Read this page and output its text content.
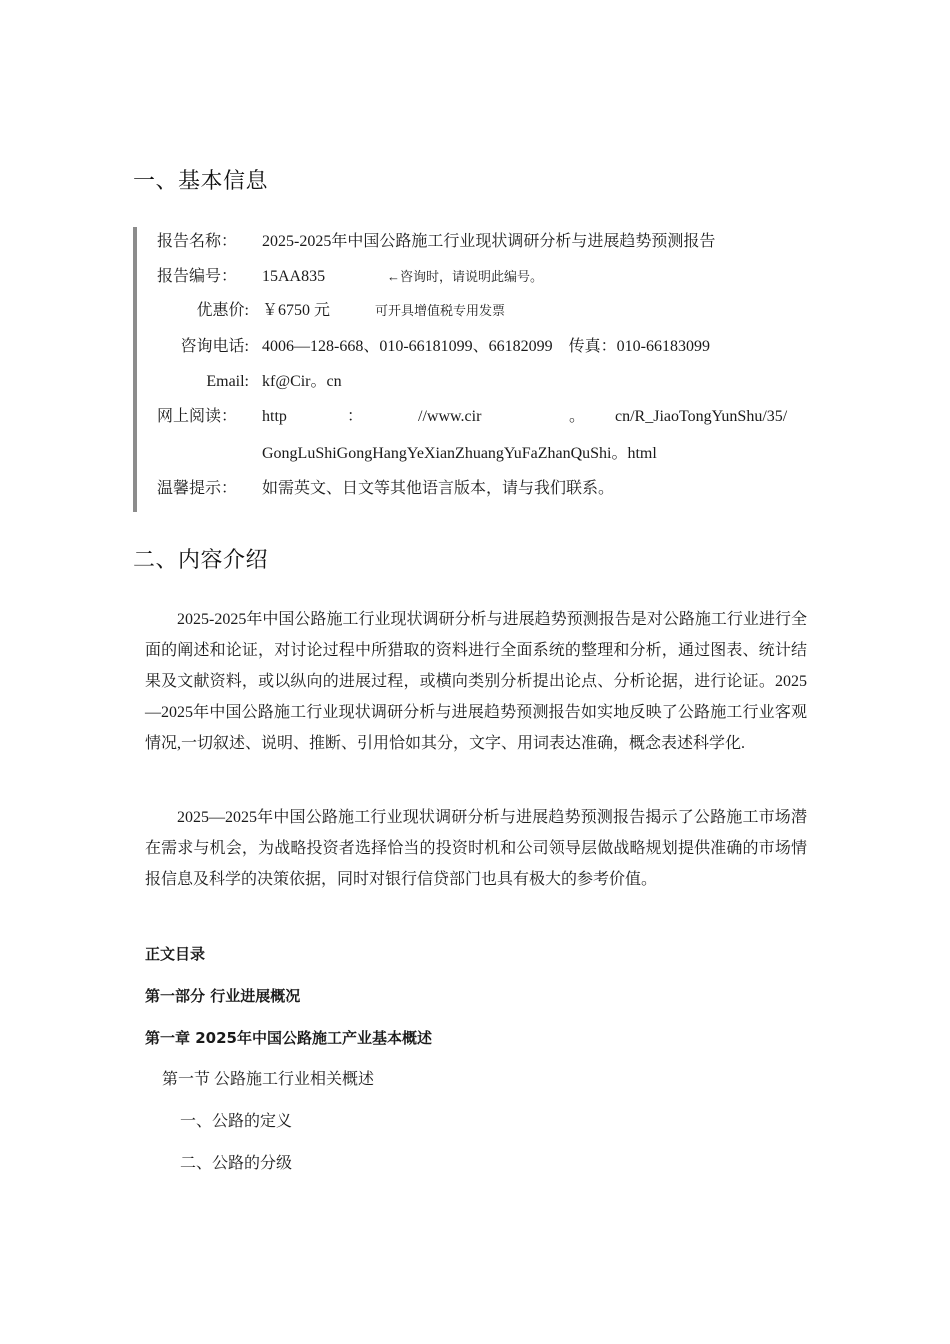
一、基本信息
报告名称：	2025-2025年中国公路施工行业现状调研分析与进展趋势预测报告
报告编号：	15AA835	←咨询时，请说明此编号。
优惠价: ￥6750 元	可开具增值税专用发票
咨询电话: 4006—128-668、010-66181099、66182099　传真：010-66183099
Email: kf@Cir。cn
网上阅读：	http	：	//www.cir	。 cn/R_JiaoTongYunShu/35/
GongLuShiGongHangYeXianZhuangYuFaZhanQuShi。html
温馨提示：	如需英文、日文等其他语言版本，请与我们联系。
二、内容介绍

2025-2025年中国公路施工行业现状调研分析与进展趋势预测报告是对公路施工行业进行全面的阐述和论证，对讨论过程中所猎取的资料进行全面系统的整理和分析，通过图表、统计结果及文献资料，或以纵向的进展过程，或横向类别分析提出论点、分析论据，进行论证。2025—2025年中国公路施工行业现状调研分析与进展趋势预测报告如实地反映了公路施工行业客观情况,一切叙述、说明、推断、引用恰如其分，文字、用词表达准确，概念表述科学化.

2025—2025年中国公路施工行业现状调研分析与进展趋势预测报告揭示了公路施工市场潜在需求与机会，为战略投资者选择恰当的投资时机和公司领导层做战略规划提供准确的市场情报信息及科学的决策依据，同时对银行信贷部门也具有极大的参考价值。

正文目录

第一部分 行业进展概况

第一章 2025年中国公路施工产业基本概述

第一节 公路施工行业相关概述

一、公路的定义

二、公路的分级
